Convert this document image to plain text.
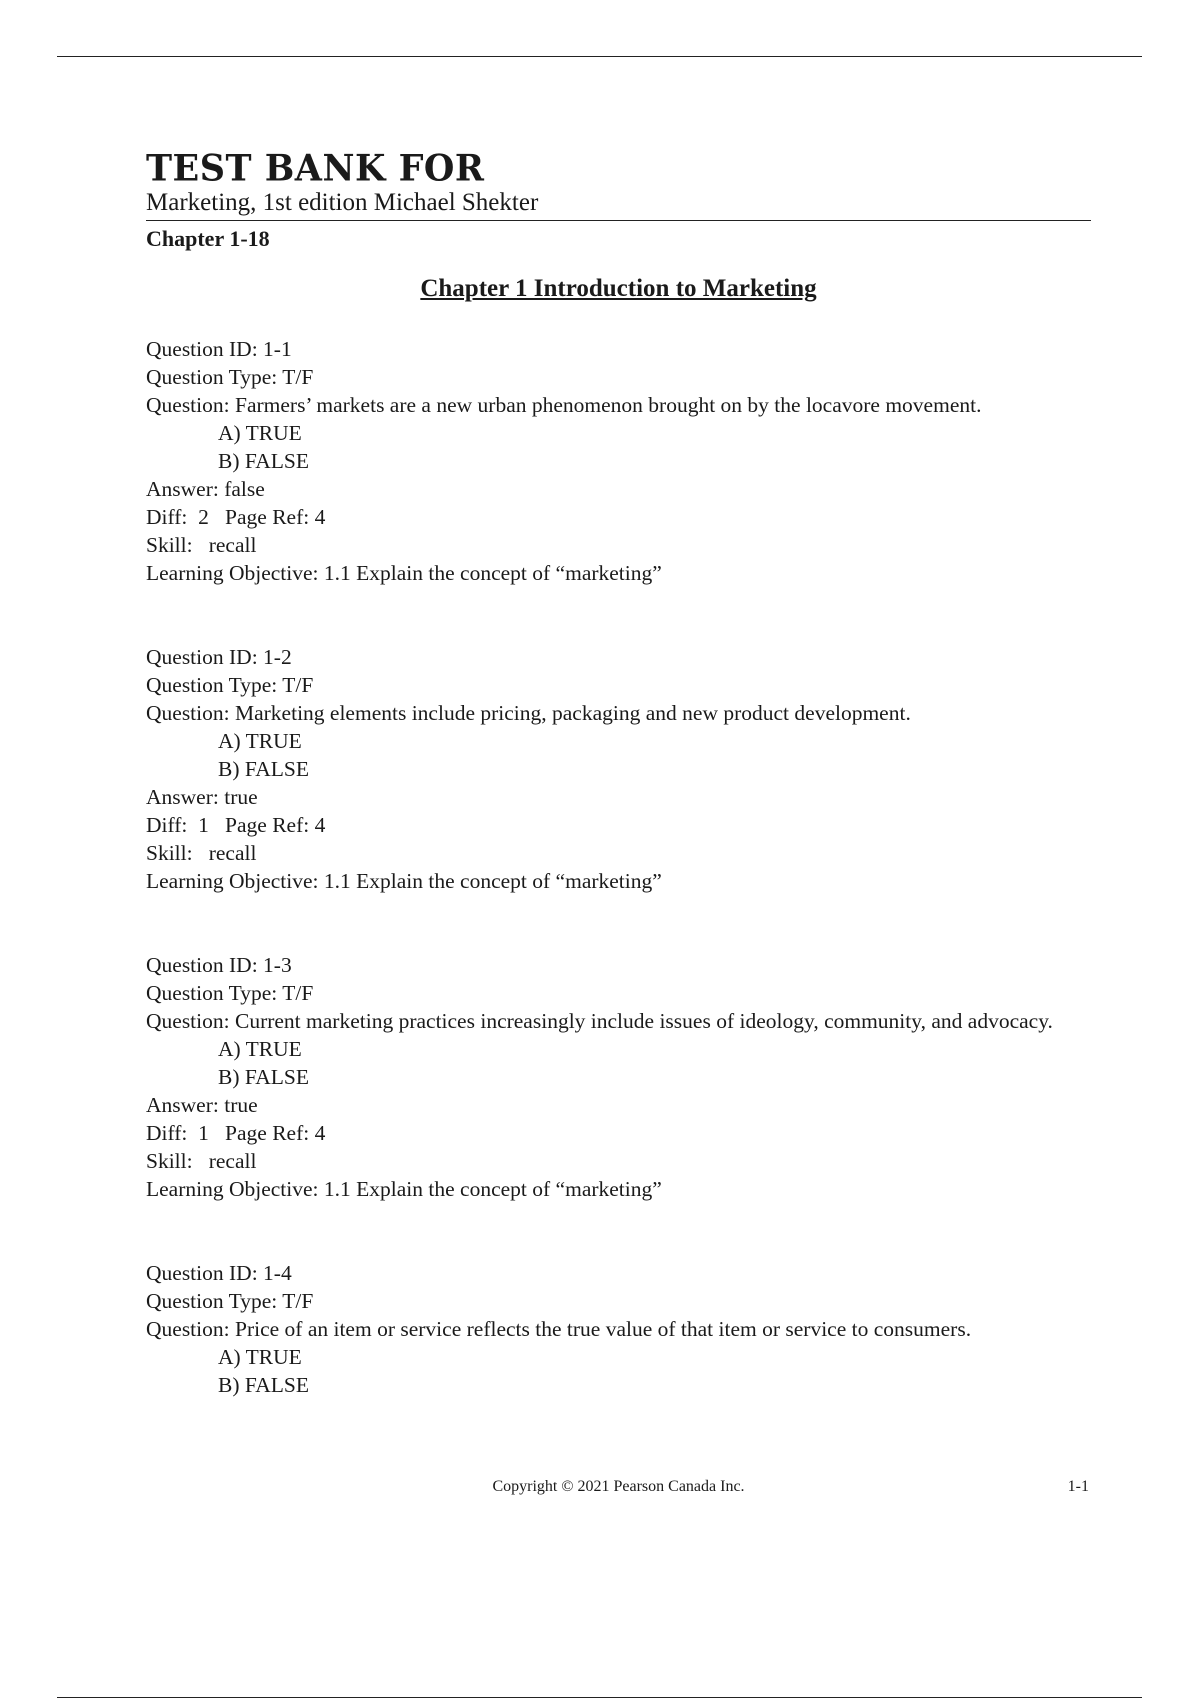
TEST BANK FOR
Marketing, 1st edition Michael Shekter
Chapter 1-18
Chapter 1 Introduction to Marketing
Question ID: 1-1
Question Type: T/F
Question: Farmers’ markets are a new urban phenomenon brought on by the locavore movement.
A) TRUE
B) FALSE
Answer: false
Diff:  2   Page Ref: 4
Skill:   recall
Learning Objective: 1.1 Explain the concept of “marketing”
Question ID: 1-2
Question Type: T/F
Question: Marketing elements include pricing, packaging and new product development.
A) TRUE
B) FALSE
Answer: true
Diff:  1   Page Ref: 4
Skill:   recall
Learning Objective: 1.1 Explain the concept of “marketing”
Question ID: 1-3
Question Type: T/F
Question: Current marketing practices increasingly include issues of ideology, community, and advocacy.
A) TRUE
B) FALSE
Answer: true
Diff:  1   Page Ref: 4
Skill:   recall
Learning Objective: 1.1 Explain the concept of “marketing”
Question ID: 1-4
Question Type: T/F
Question: Price of an item or service reflects the true value of that item or service to consumers.
A) TRUE
B) FALSE
Copyright © 2021 Pearson Canada Inc.	1-1
